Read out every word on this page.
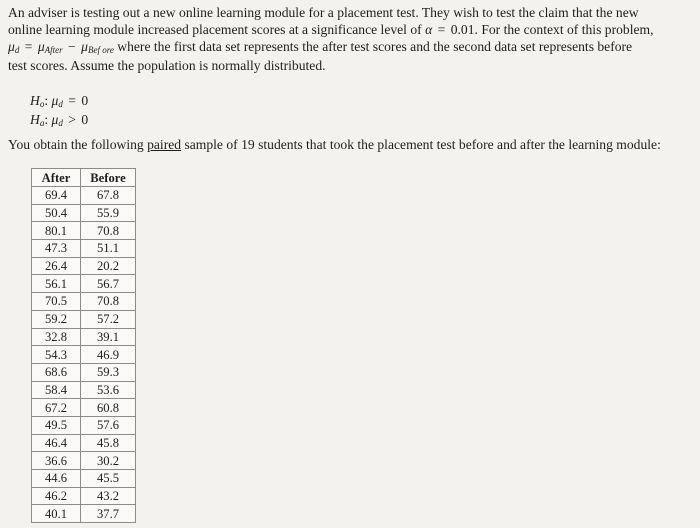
An adviser is testing out a new online learning module for a placement test. They wish to test the claim that the new
online learning module increased placement scores at a significance level of α = 0.01. For the context of this problem,
μd = μAfter − μBef ore where the first data set represents the after test scores and the second data set represents before
test scores. Assume the population is normally distributed.
Ho: μd = 0
Ha: μd > 0
You obtain the following paired sample of 19 students that took the placement test before and after the learning module:
After	Before
69.4	67.8
50.4	55.9
80.1	70.8
47.3	51.1
26.4	20.2
56.1	56.7
70.5	70.8
59.2	57.2
32.8	39.1
54.3	46.9
68.6	59.3
58.4	53.6
67.2	60.8
49.5	57.6
46.4	45.8
36.6	30.2
44.6	45.5
46.2	43.2
40.1	37.7
